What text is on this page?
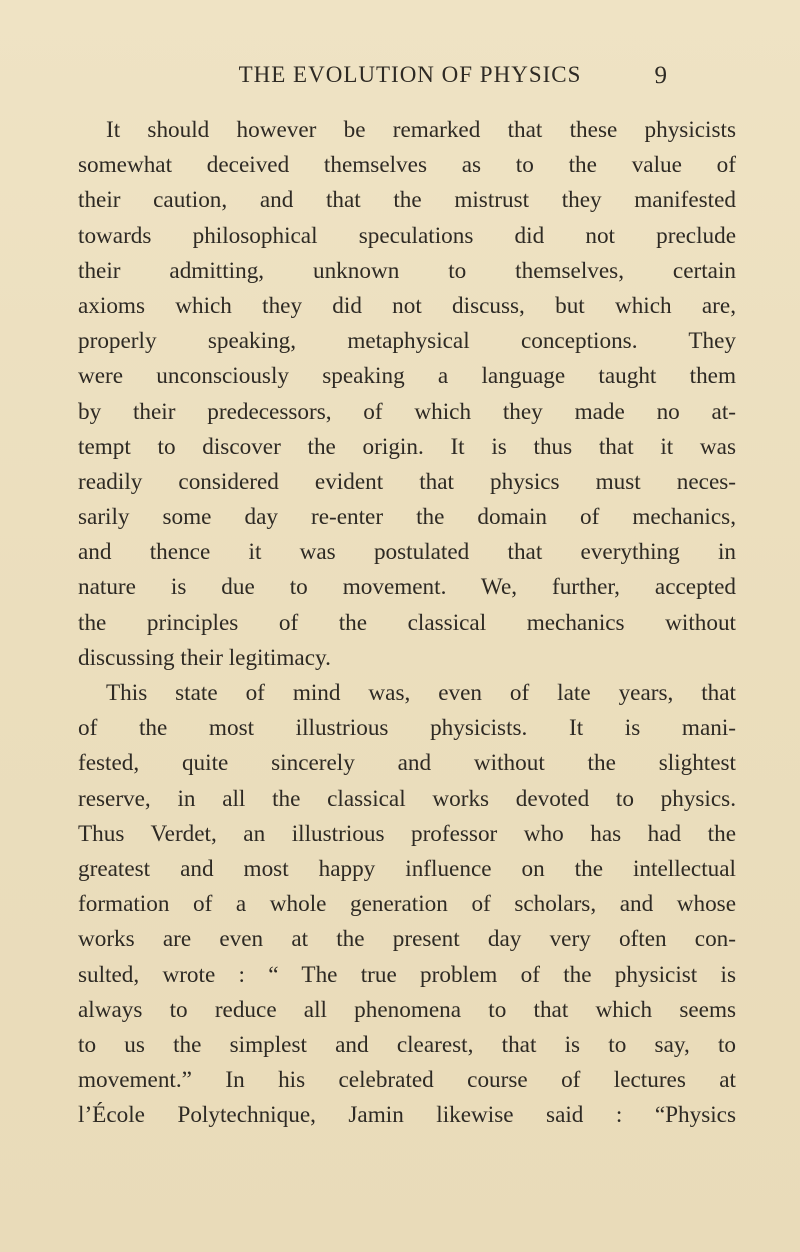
THE EVOLUTION OF PHYSICS	9
It should however be remarked that these physicists
somewhat deceived themselves as to the value of
their caution, and that the mistrust they manifested
towards philosophical speculations did not preclude
their admitting, unknown to themselves, certain
axioms which they did not discuss, but which are,
properly speaking, metaphysical conceptions. They
were unconsciously speaking a language taught them
by their predecessors, of which they made no at-
tempt to discover the origin. It is thus that it was
readily considered evident that physics must neces-
sarily some day re-enter the domain of mechanics,
and thence it was postulated that everything in
nature is due to movement. We, further, accepted
the principles of the classical mechanics without
discussing their legitimacy.
This state of mind was, even of late years, that
of the most illustrious physicists. It is mani-
fested, quite sincerely and without the slightest
reserve, in all the classical works devoted to physics.
Thus Verdet, an illustrious professor who has had the
greatest and most happy influence on the intellectual
formation of a whole generation of scholars, and whose
works are even at the present day very often con-
sulted, wrote : “ The true problem of the physicist is
always to reduce all phenomena to that which seems
to us the simplest and clearest, that is to say, to
movement.” In his celebrated course of lectures at
l’École Polytechnique, Jamin likewise said : “Physics
